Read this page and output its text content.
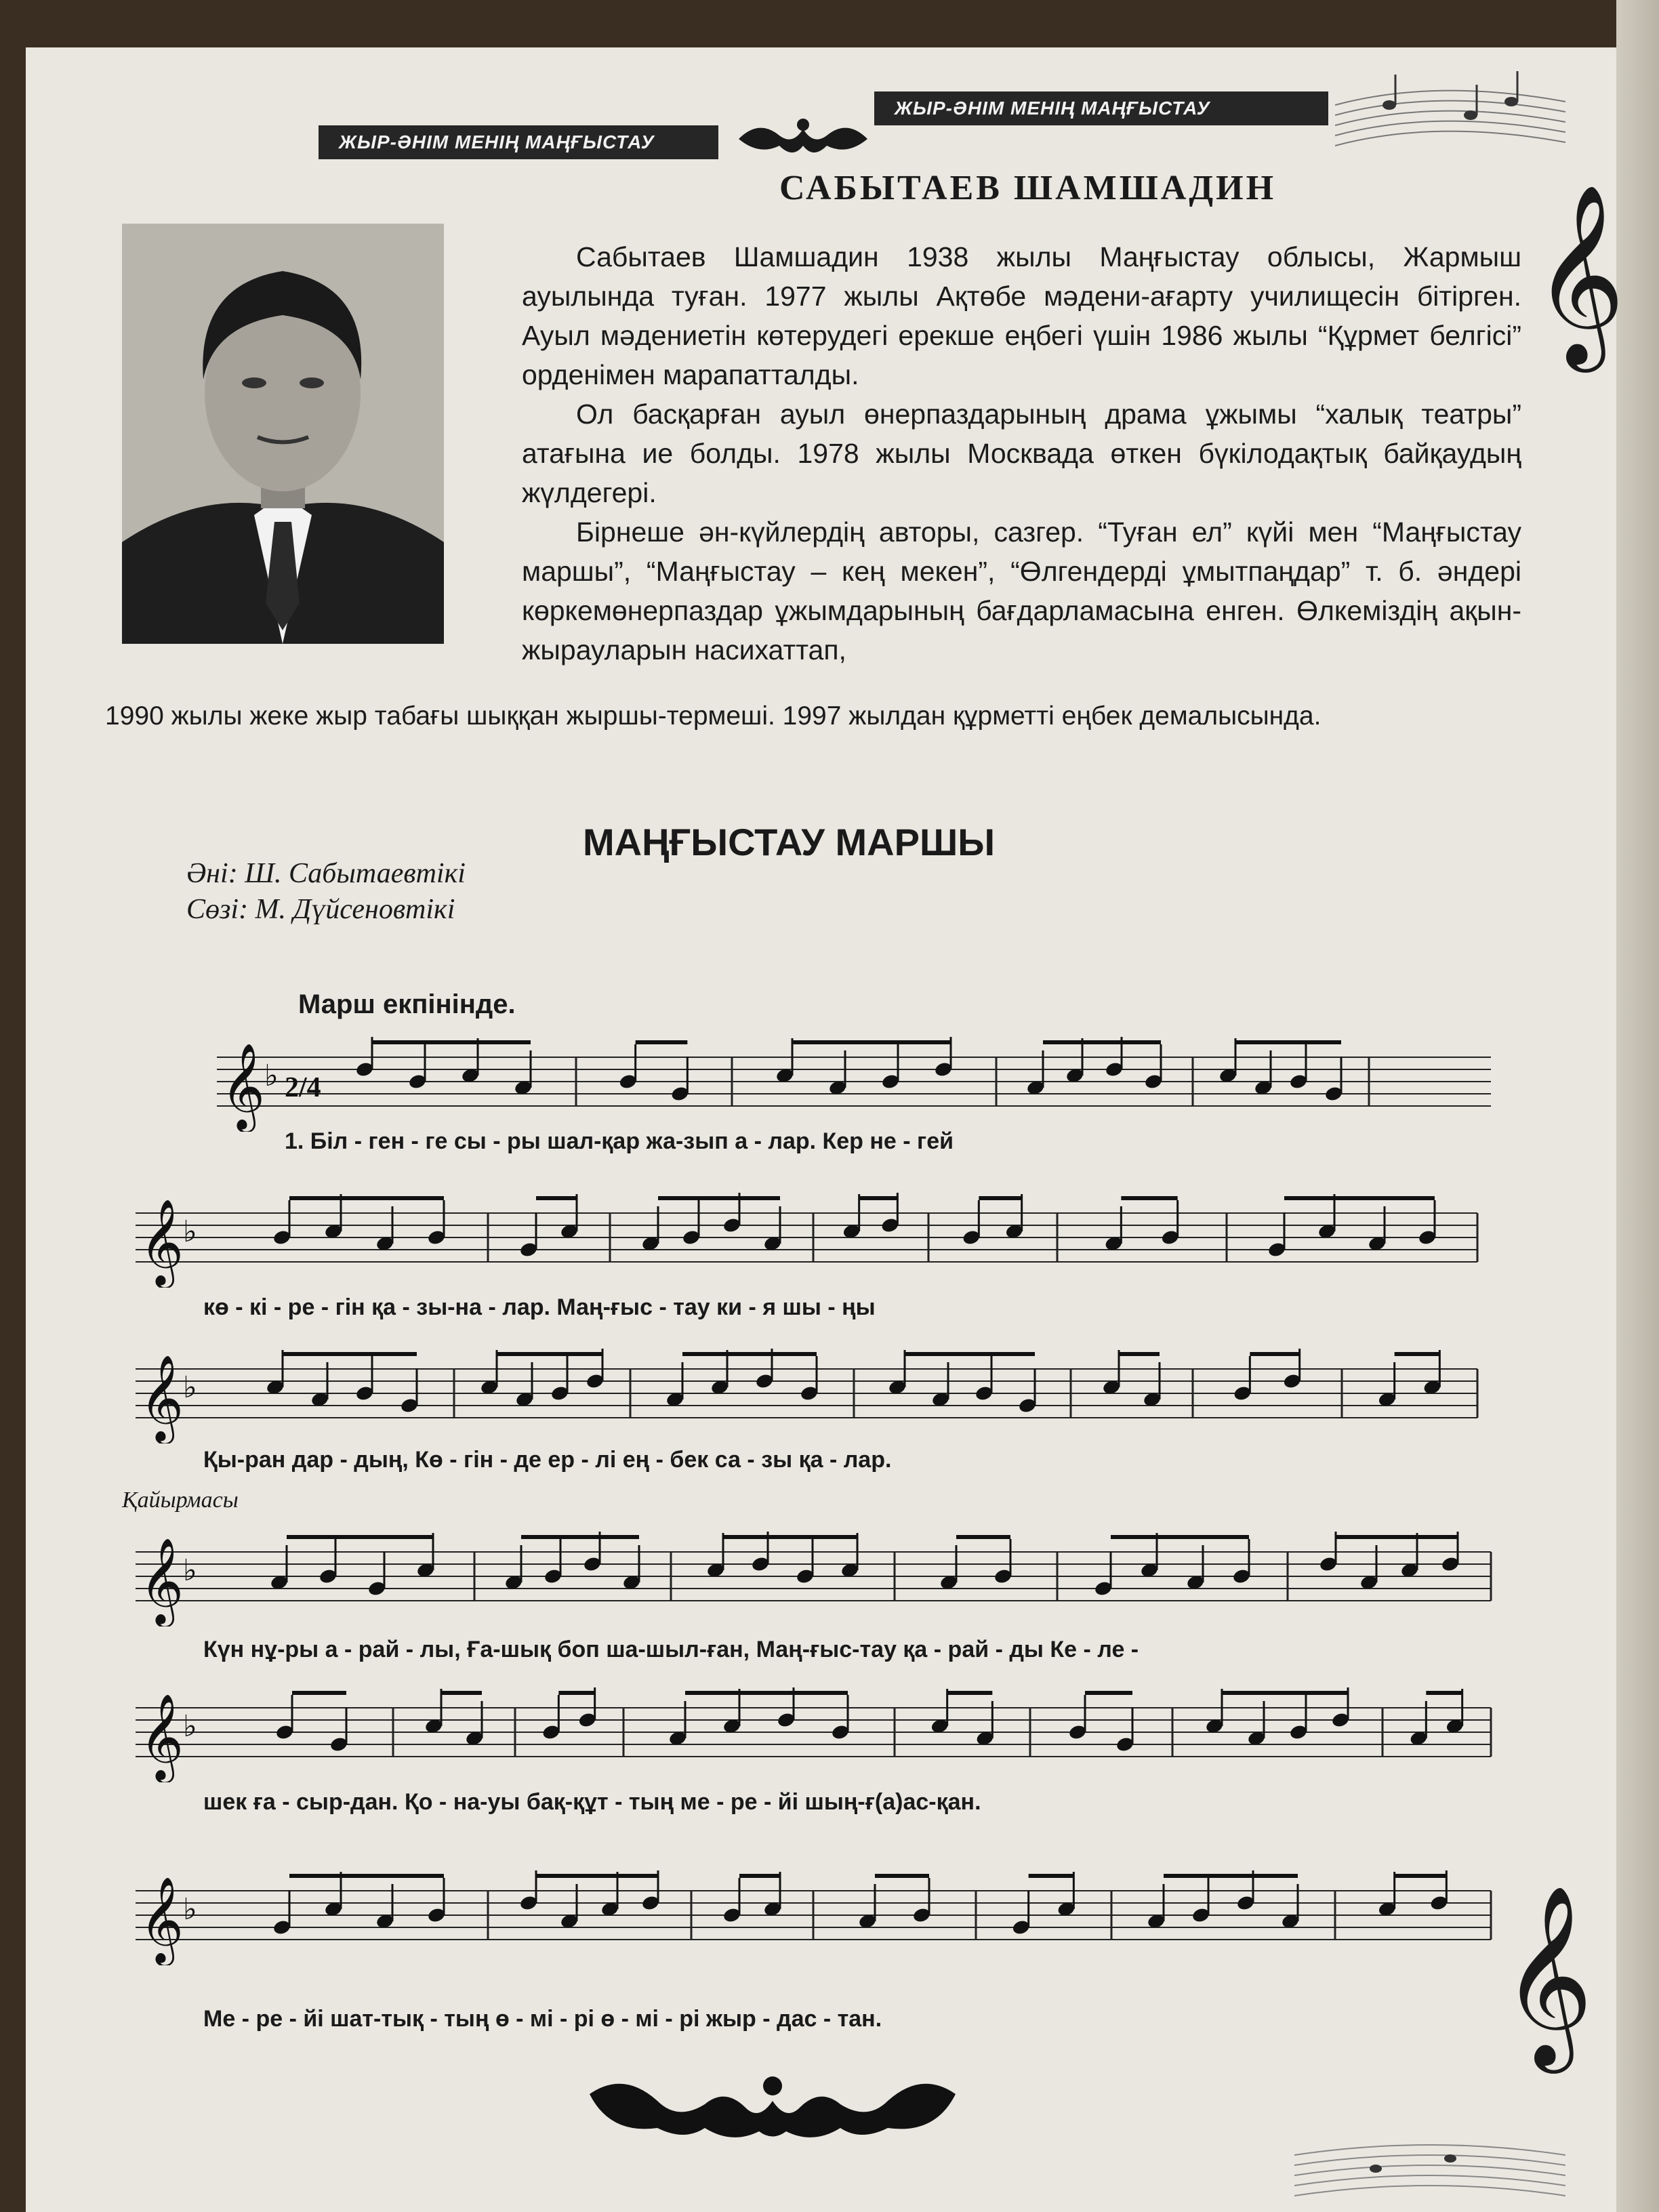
ЖЫР-ӘНІМ МЕНІҢ МАҢҒЫСТАУ
ЖЫР-ӘНІМ МЕНІҢ МАҢҒЫСТАУ
САБЫТАЕВ ШАМШАДИН 𝄞
𝄞

Сабытаев Шамшадин 1938 жылы Маңғыстау облысы, Жармыш ауылында туған. 1977 жылы Ақтөбе мәдени-ағарту училищесін бітірген. Ауыл мәдениетін көтерудегі ерекше еңбегі үшін 1986 жылы “Құрмет белгісі” орденімен марапатталды.

Ол басқарған ауыл өнерпаздарының драма ұжымы “халық театры” атағына ие болды. 1978 жылы Москвада өткен бүкілодақтық байқаудың жүлдегері.

Бірнеше ән-күйлердің авторы, сазгер. “Туған ел” күйі мен “Маңғыстау маршы”, “Маңғыстау – кең мекен”, “Өлгендерді ұмытпаңдар” т. б. әндері көркемөнерпаздар ұжымдарының бағдарламасына енген. Өлкеміздің ақын-жырауларын насихаттап,

1990 жылы жеке жыр табағы шыққан жыршы-термеші. 1997 жылдан құрметті еңбек демалысында.
МАҢҒЫСТАУ МАРШЫ
Әні: Ш. Сабытаевтікі
Сөзі: М. Дүйсеновтікі
Марш екпінінде.
Қайырмасы
𝄞
♭ 2/4
𝄞
♭
𝄞
♭
𝄞
♭
𝄞
♭
𝄞
♭
1. Біл - ген - ге сы - ры шал-қар жа-зып а - лар. Кер не - гей
кө - кі - ре - гін қа - зы-на - лар. Маң-ғыс - тау ки - я шы - ңы
Қы-ран дар - дың, Кө - гін - де ер - лі ең - бек са - зы қа - лар.
Күн нұ-ры а - рай - лы, Ға-шық боп ша-шыл-ған, Маң-ғыс-тау қа - рай - ды Ке - ле -
шек ға - сыр-дан. Қо - на-уы бақ-құт - тың ме - ре - йі шың-ғ(а)ас-қан.
Ме - ре - йі шат-тық - тың ө - мі - рі ө - мі - рі жыр - дас - тан.
